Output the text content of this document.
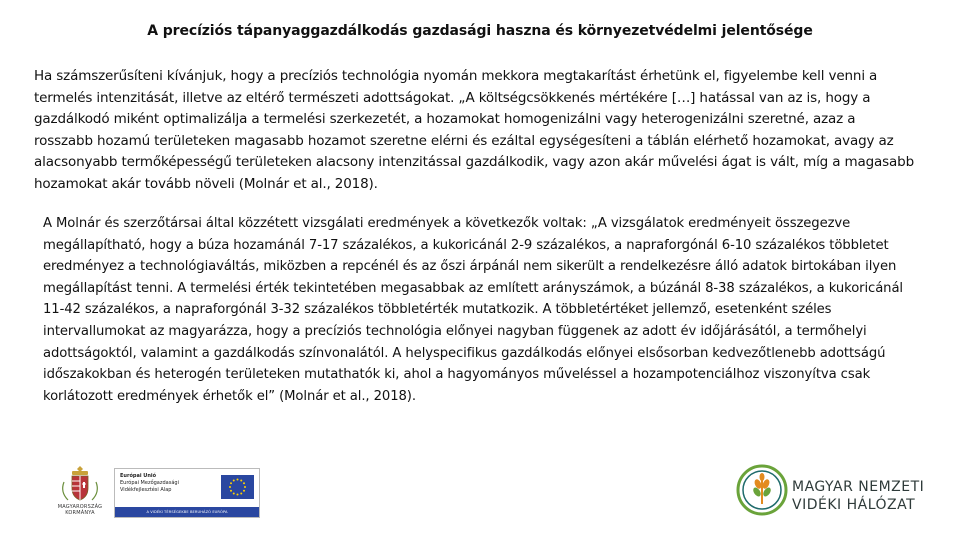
A precíziós tápanyaggazdálkodás gazdasági haszna és környezetvédelmi jelentősége

Ha számszerűsíteni kívánjuk, hogy a precíziós technológia nyomán mekkora megtakarítást érhetünk el, figyelembe kell venni a termelés intenzitását, illetve az eltérő természeti adottságokat. „A költségcsökkenés mértékére […] hatással van az is, hogy a gazdálkodó miként optimalizálja a termelési szerkezetét, a hozamokat homogenizálni vagy heterogenizálni szeretné, azaz a rosszabb hozamú területeken magasabb hozamot szeretne elérni és ezáltal egységesíteni a táblán elérhető hozamokat, avagy az alacsonyabb termőképességű területeken alacsony intenzitással gazdálkodik, vagy azon akár művelési ágat is vált, míg a magasabb hozamokat akár tovább növeli (Molnár et al., 2018).

A Molnár és szerzőtársai által közzétett vizsgálati eredmények a következők voltak: „A vizsgálatok eredményeit összegezve megállapítható, hogy a búza hozamánál 7-17 százalékos, a kukoricánál 2-9 százalékos, a napraforgónál 6-10 százalékos többletet eredményez a technológiaváltás, miközben a repcénél és az őszi árpánál nem sikerült a rendelkezésre álló adatok birtokában ilyen megállapítást tenni. A termelési érték tekintetében megasabbak az említett arányszámok, a búzánál 8-38 százalékos, a kukoricánál 11-42 százalékos, a napraforgónál 3-32 százalékos többletérték mutatkozik. A többletértéket jellemző, esetenként széles intervallumokat az magyarázza, hogy a precíziós technológia előnyei nagyban függenek az adott év időjárásától, a termőhelyi adottságoktól, valamint a gazdálkodás színvonalától. A helyspecifikus gazdálkodás előnyei elsősorban kedvezőtlenebb adottságú időszakokban és heterogén területeken mutathatók ki, ahol a hagyományos műveléssel a hozampotenciálhoz viszonyítva csak korlátozott eredmények érhetők el” (Molnár et al., 2018).

MAGYARORSZÁG KORMÁNYA
Európai Unió
Európai Mezőgazdasági
Vidékfejlesztési Alap
A VIDÉKI TÉRSÉGEKBE BERUHÁZÓ EURÓPA
MAGYAR NEMZETI
VIDÉKI HÁLÓZAT
